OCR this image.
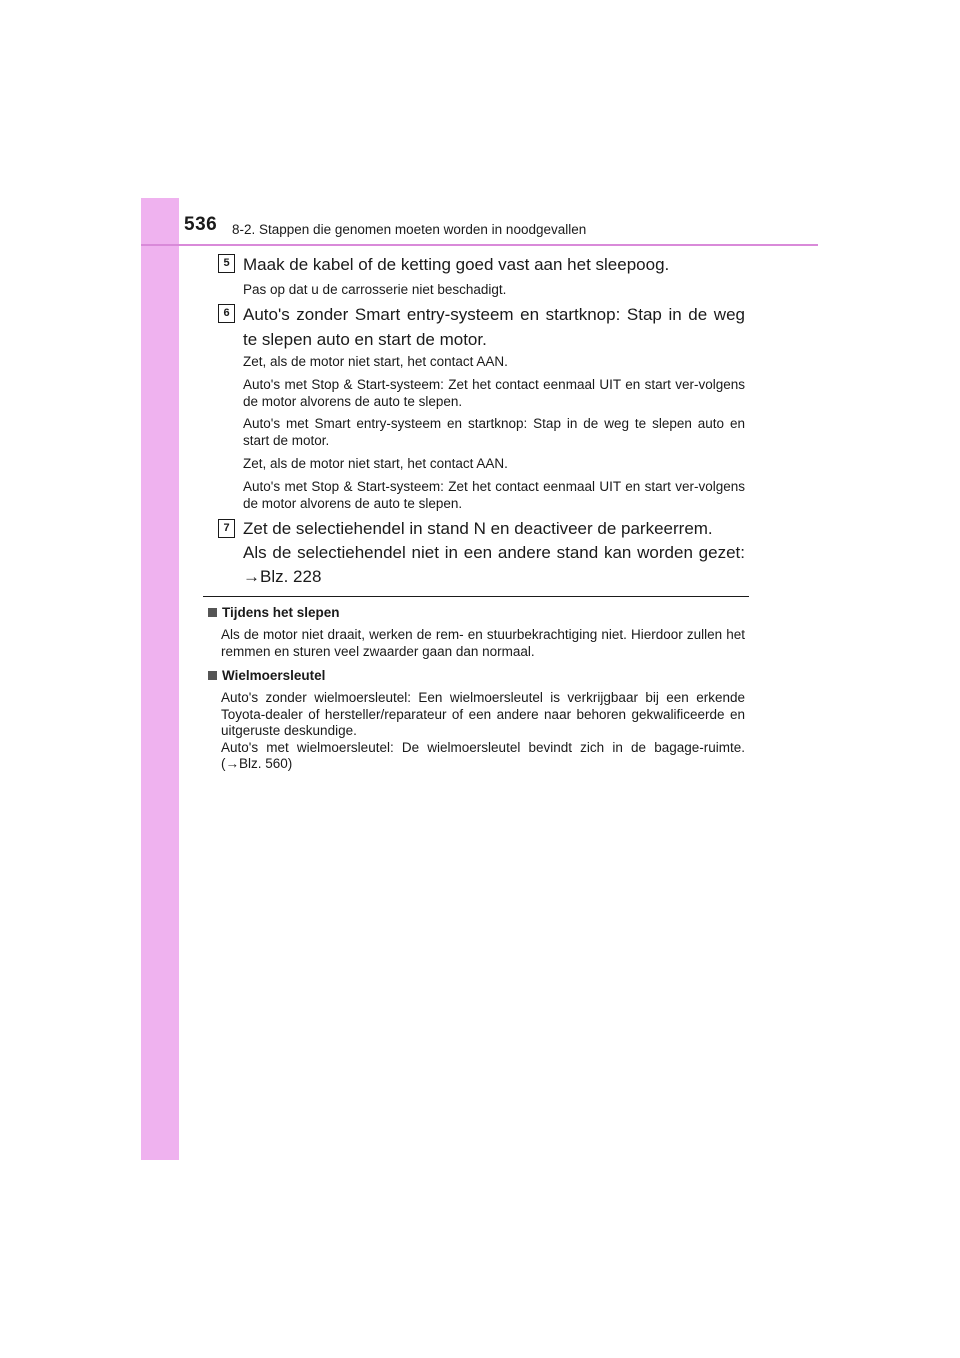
536 8-2. Stappen die genomen moeten worden in noodgevallen
5 Maak de kabel of de ketting goed vast aan het sleepoog.
Pas op dat u de carrosserie niet beschadigt.
6 Auto's zonder Smart entry-systeem en startknop: Stap in de weg te slepen auto en start de motor.
Zet, als de motor niet start, het contact AAN.
Auto's met Stop & Start-systeem: Zet het contact eenmaal UIT en start ver-volgens de motor alvorens de auto te slepen.
Auto's met Smart entry-systeem en startknop: Stap in de weg te slepen auto en start de motor.
Zet, als de motor niet start, het contact AAN.
Auto's met Stop & Start-systeem: Zet het contact eenmaal UIT en start ver-volgens de motor alvorens de auto te slepen.
7 Zet de selectiehendel in stand N en deactiveer de parkeerrem.
Als de selectiehendel niet in een andere stand kan worden gezet:
→Blz. 228
Tijdens het slepen

Als de motor niet draait, werken de rem- en stuurbekrachtiging niet. Hierdoor zullen het remmen en sturen veel zwaarder gaan dan normaal.

Wielmoersleutel

Auto's zonder wielmoersleutel: Een wielmoersleutel is verkrijgbaar bij een erkende Toyota-dealer of hersteller/reparateur of een andere naar behoren gekwalificeerde en uitgeruste deskundige.

Auto's met wielmoersleutel: De wielmoersleutel bevindt zich in de bagage-ruimte. (→Blz. 560)
